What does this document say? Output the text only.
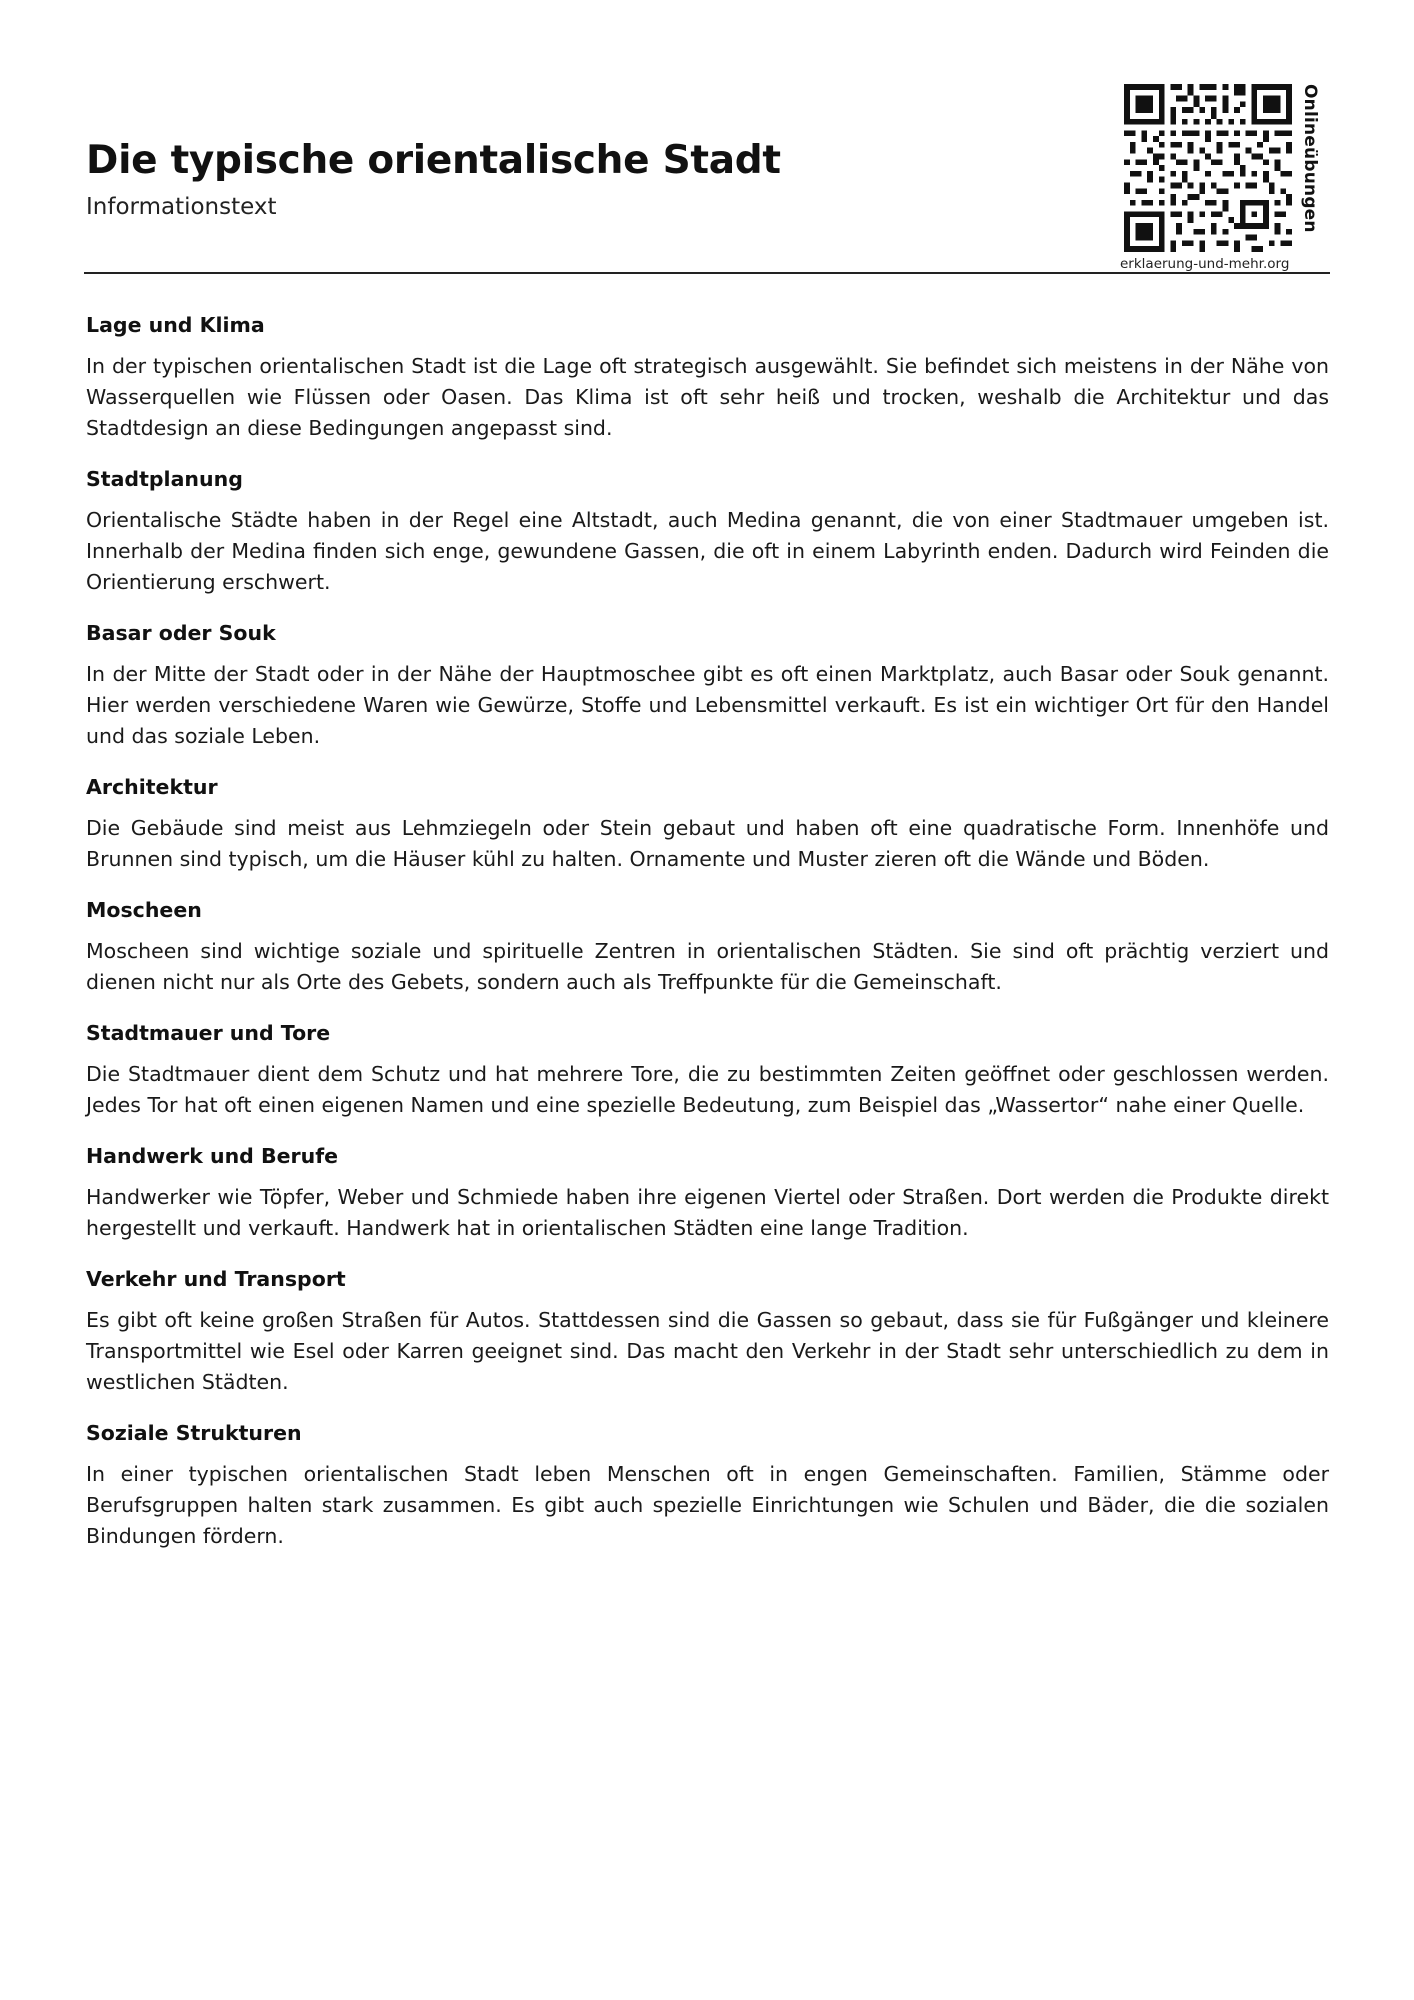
Die typische orientalische Stadt

Informationstext	Onlineübungen
erklaerung-und-mehr.org
Lage und Klima

In der typischen orientalischen Stadt ist die Lage oft strategisch ausgewählt. Sie befindet sich meistens in der Nähe von Wasserquellen wie Flüssen oder Oasen. Das Klima ist oft sehr heiß und trocken, weshalb die Architektur und das Stadtdesign an diese Bedingungen angepasst sind.

Stadtplanung

Orientalische Städte haben in der Regel eine Altstadt, auch Medina genannt, die von einer Stadtmauer umgeben ist. Innerhalb der Medina finden sich enge, gewundene Gassen, die oft in einem Labyrinth enden. Dadurch wird Feinden die Orientierung erschwert.

Basar oder Souk

In der Mitte der Stadt oder in der Nähe der Hauptmoschee gibt es oft einen Marktplatz, auch Basar oder Souk genannt. Hier werden verschiedene Waren wie Gewürze, Stoffe und Lebensmittel verkauft. Es ist ein wichtiger Ort für den Handel und das soziale Leben.

Architektur

Die Gebäude sind meist aus Lehmziegeln oder Stein gebaut und haben oft eine quadratische Form. Innenhöfe und Brunnen sind typisch, um die Häuser kühl zu halten. Ornamente und Muster zieren oft die Wände und Böden.

Moscheen

Moscheen sind wichtige soziale und spirituelle Zentren in orientalischen Städten. Sie sind oft prächtig verziert und dienen nicht nur als Orte des Gebets, sondern auch als Treffpunkte für die Gemeinschaft.

Stadtmauer und Tore

Die Stadtmauer dient dem Schutz und hat mehrere Tore, die zu bestimmten Zeiten geöffnet oder geschlossen werden. Jedes Tor hat oft einen eigenen Namen und eine spezielle Bedeutung, zum Beispiel das „Wassertor“ nahe einer Quelle.

Handwerk und Berufe

Handwerker wie Töpfer, Weber und Schmiede haben ihre eigenen Viertel oder Straßen. Dort werden die Produkte direkt hergestellt und verkauft. Handwerk hat in orientalischen Städten eine lange Tradition.

Verkehr und Transport

Es gibt oft keine großen Straßen für Autos. Stattdessen sind die Gassen so gebaut, dass sie für Fußgänger und kleinere Transportmittel wie Esel oder Karren geeignet sind. Das macht den Verkehr in der Stadt sehr unterschiedlich zu dem in westlichen Städten.

Soziale Strukturen

In einer typischen orientalischen Stadt leben Menschen oft in engen Gemeinschaften. Familien, Stämme oder Berufsgruppen halten stark zusammen. Es gibt auch spezielle Einrichtungen wie Schulen und Bäder, die die sozialen Bindungen fördern.
